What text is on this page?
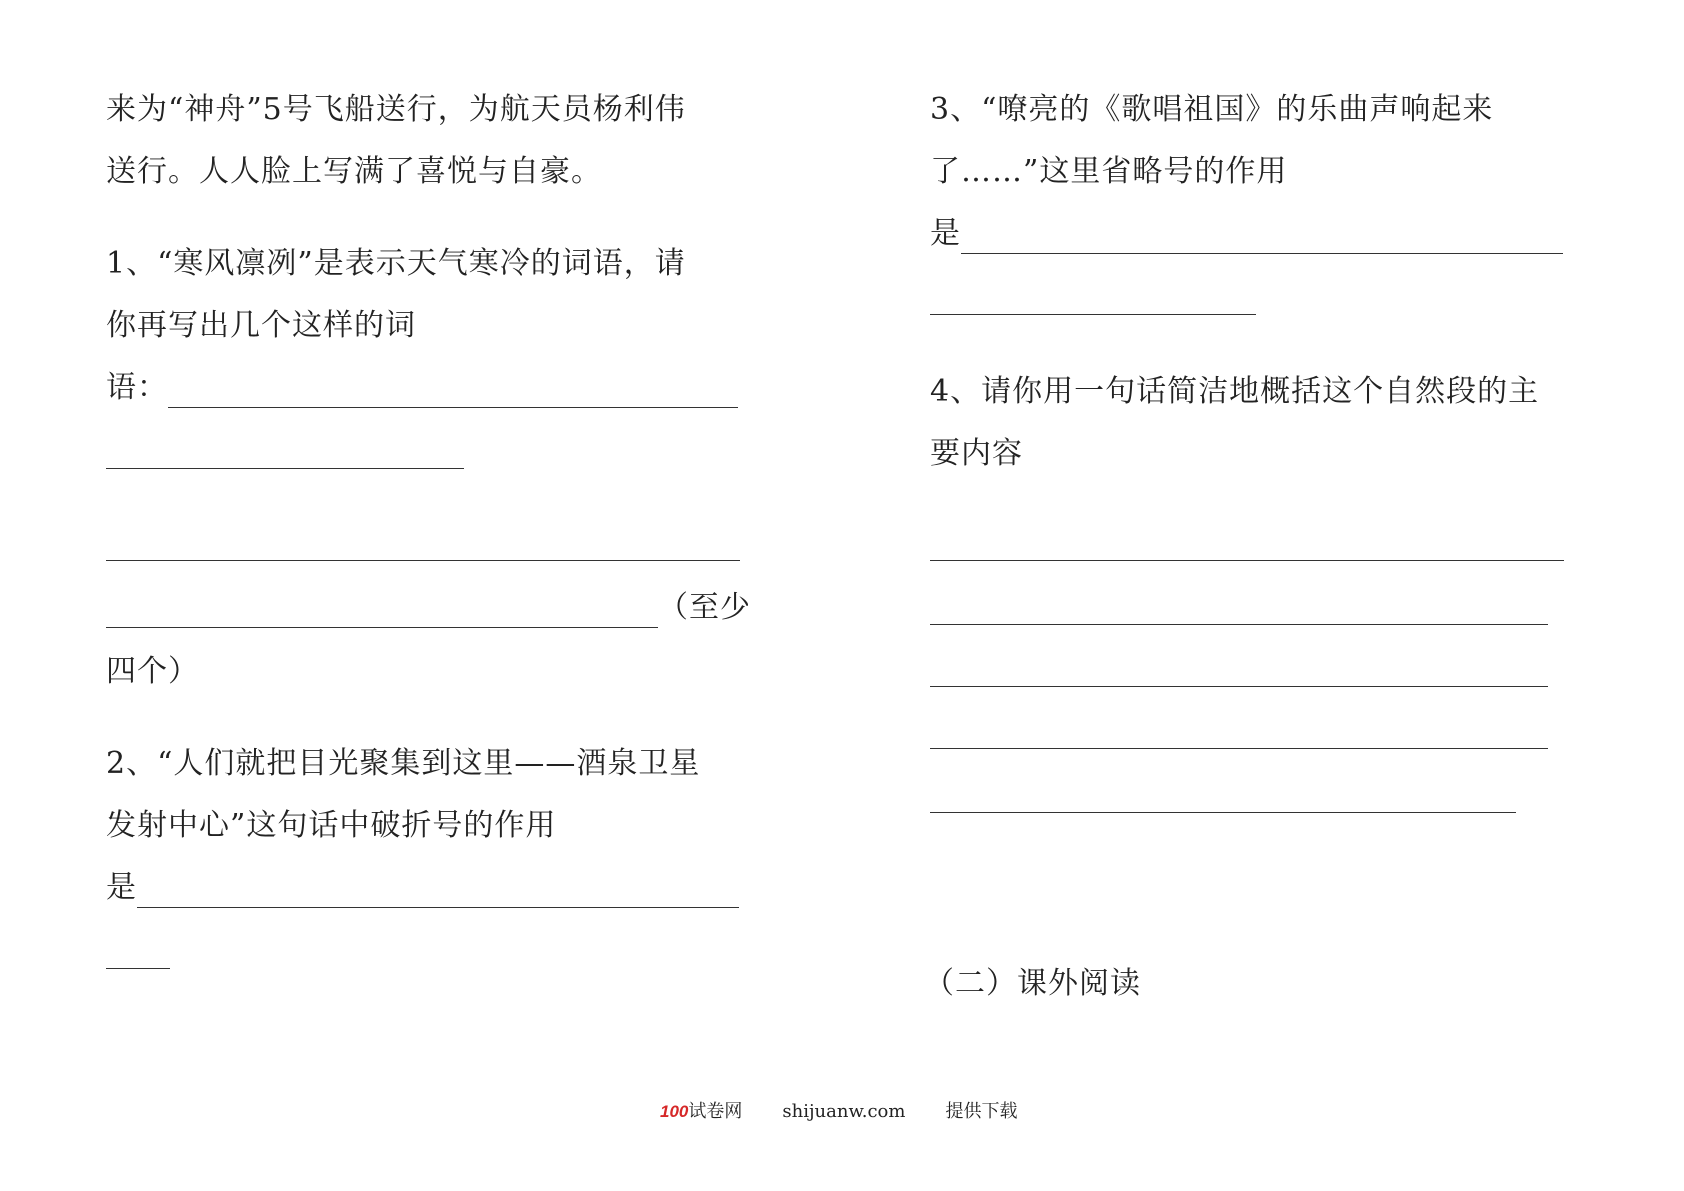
来为“神舟”5号飞船送行，为航天员杨利伟
送行。人人脸上写满了喜悦与自豪。
1、“寒风凛冽”是表示天气寒冷的词语，请
你再写出几个这样的词
语：
（至少
四个）
2、“人们就把目光聚集到这里——酒泉卫星
发射中心”这句话中破折号的作用
是
3、“嘹亮的《歌唱祖国》的乐曲声响起来
了……”这里省略号的作用
是
4、请你用一句话简洁地概括这个自然段的主
要内容
（二）课外阅读
100试卷网 shijuanw.com 提供下载
